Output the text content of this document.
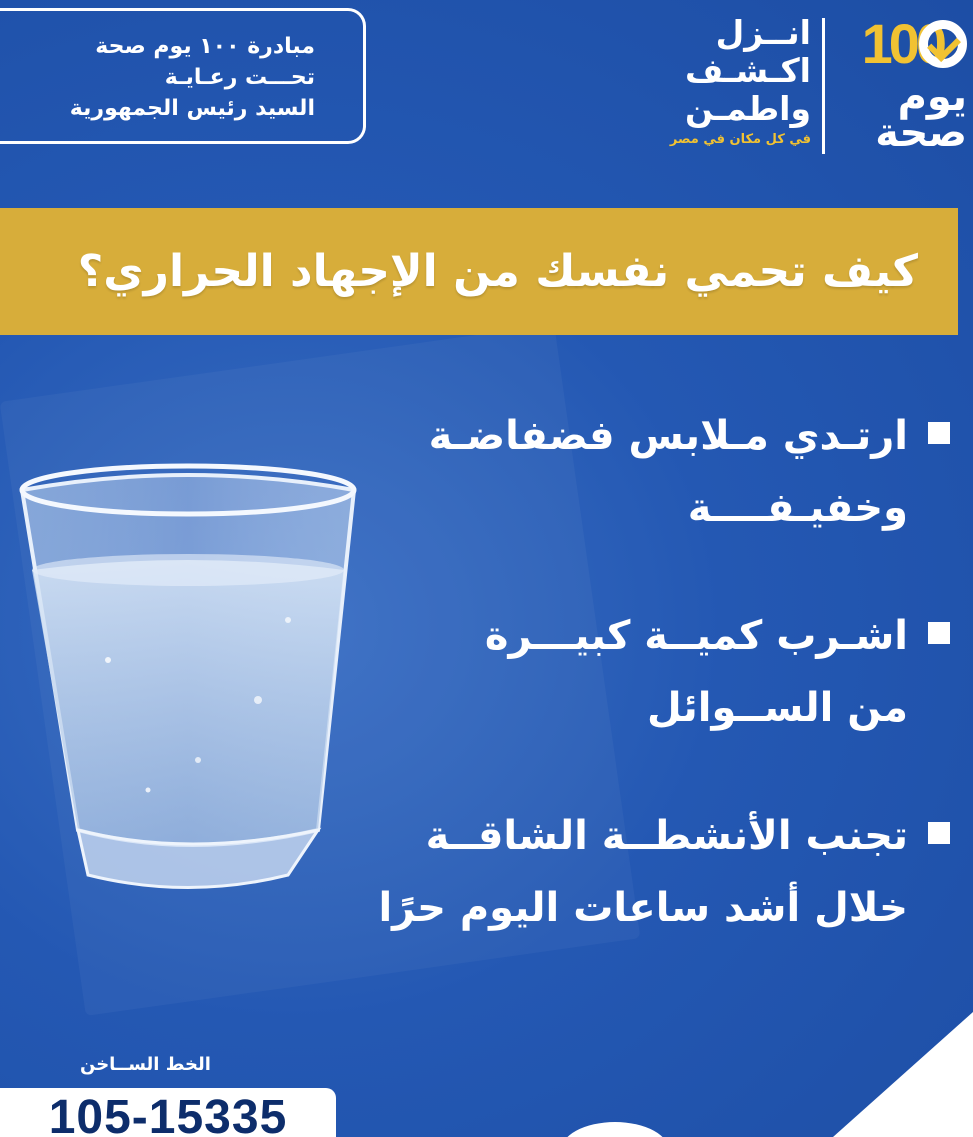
مبادرة ١٠٠ يوم صحة
تحـــت رعـايـة
السيد رئيس الجمهورية
100
يوم
صحة
انــزل
اكـشـف
واطمـن
في كل مكان في مصر
كيف تحمي نفسك من الإجهاد الحراري؟
ارتـدي مـلابس فضفاضـة
وخفيـفــــة
اشـرب كميــة كبيـــرة
من الســوائل
تجنب الأنشطــة الشاقــة
خلال أشد ساعات اليوم حرًا
الخط الســاخن
105-15335
